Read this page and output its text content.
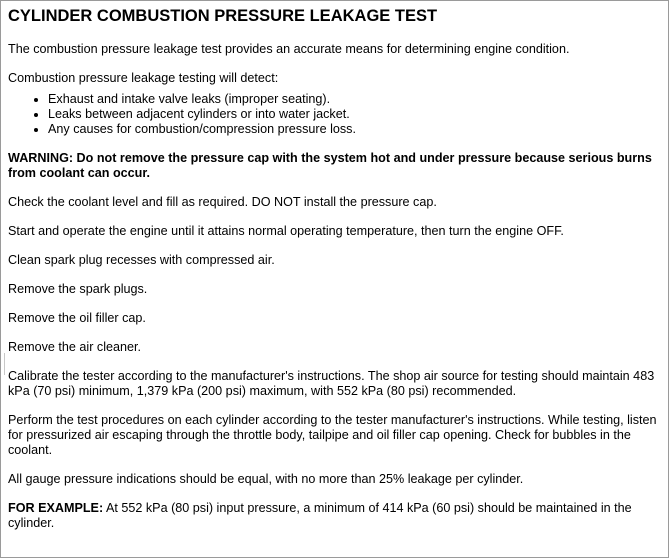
CYLINDER COMBUSTION PRESSURE LEAKAGE TEST

The combustion pressure leakage test provides an accurate means for determining engine condition.

Combustion pressure leakage testing will detect:

• Exhaust and intake valve leaks (improper seating).
• Leaks between adjacent cylinders or into water jacket.
• Any causes for combustion/compression pressure loss.

WARNING: Do not remove the pressure cap with the system hot and under pressure because serious burns from coolant can occur.

Check the coolant level and fill as required. DO NOT install the pressure cap.

Start and operate the engine until it attains normal operating temperature, then turn the engine OFF.

Clean spark plug recesses with compressed air.

Remove the spark plugs.

Remove the oil filler cap.

Remove the air cleaner.

Calibrate the tester according to the manufacturer's instructions. The shop air source for testing should maintain 483 kPa (70 psi) minimum, 1,379 kPa (200 psi) maximum, with 552 kPa (80 psi) recommended.

Perform the test procedures on each cylinder according to the tester manufacturer's instructions. While testing, listen for pressurized air escaping through the throttle body, tailpipe and oil filler cap opening. Check for bubbles in the coolant.

All gauge pressure indications should be equal, with no more than 25% leakage per cylinder.

FOR EXAMPLE: At 552 kPa (80 psi) input pressure, a minimum of 414 kPa (60 psi) should be maintained in the cylinder.
